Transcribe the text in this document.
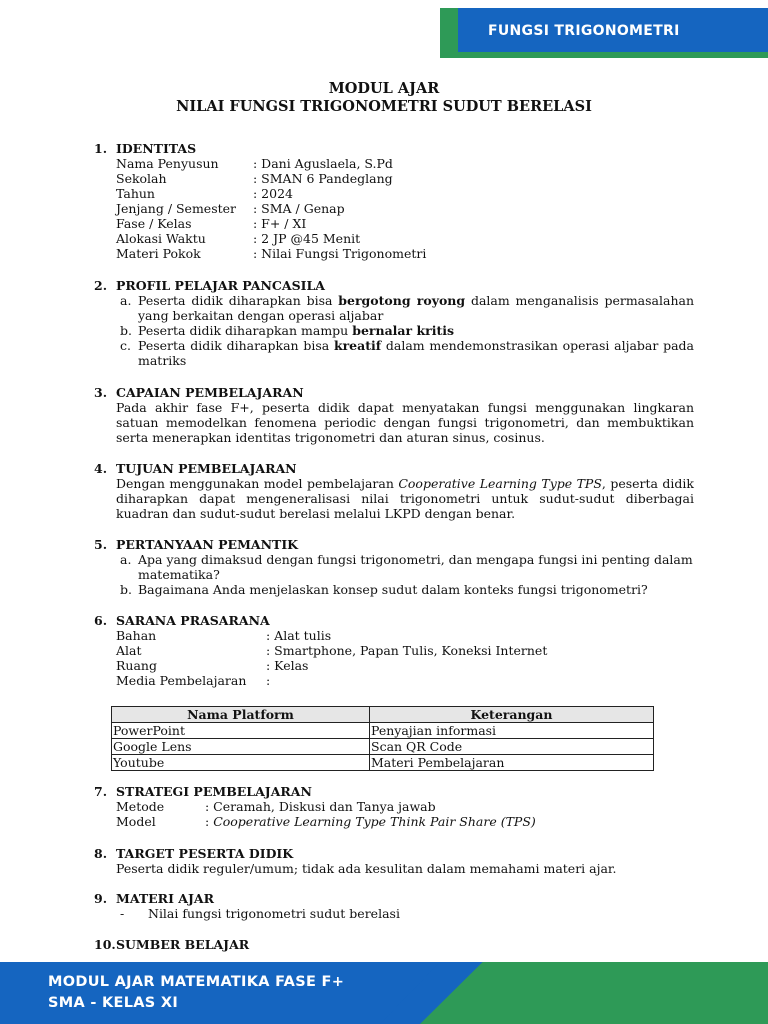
FUNGSI TRIGONOMETRI
MODUL AJAR
NILAI FUNGSI TRIGONOMETRI SUDUT BERELASI
1. IDENTITAS
Nama Penyusun	: Dani Aguslaela, S.Pd
Sekolah	: SMAN 6 Pandeglang
Tahun	: 2024
Jenjang / Semester : SMA / Genap
Fase / Kelas	: F+ / XI
Alokasi Waktu	: 2 JP @45 Menit
Materi Pokok	: Nilai Fungsi Trigonometri
2. PROFIL PELAJAR PANCASILA
a. Peserta didik diharapkan bisa bergotong royong dalam menganalisis permasalahan yang berkaitan dengan operasi aljabar
b. Peserta didik diharapkan mampu bernalar kritis
c. Peserta didik diharapkan bisa kreatif dalam mendemonstrasikan operasi aljabar pada matriks
3. CAPAIAN PEMBELAJARAN
Pada akhir fase F+, peserta didik dapat menyatakan fungsi menggunakan lingkaran satuan memodelkan fenomena periodic dengan fungsi trigonometri, dan membuktikan serta menerapkan identitas trigonometri dan aturan sinus, cosinus.
4. TUJUAN PEMBELAJARAN
Dengan menggunakan model pembelajaran Cooperative Learning Type TPS, peserta didik diharapkan dapat mengeneralisasi nilai trigonometri untuk sudut-sudut diberbagai kuadran dan sudut-sudut berelasi melalui LKPD dengan benar.
5. PERTANYAAN PEMANTIK
a. Apa yang dimaksud dengan fungsi trigonometri, dan mengapa fungsi ini penting dalam matematika?
b. Bagaimana Anda menjelaskan konsep sudut dalam konteks fungsi trigonometri?
6. SARANA PRASARANA
Bahan	: Alat tulis
Alat	: Smartphone, Papan Tulis, Koneksi Internet
Ruang	: Kelas
Media Pembelajaran :
Nama Platform	Keterangan
PowerPoint	Penyajian informasi
Google Lens	Scan QR Code
Youtube	Materi Pembelajaran
7. STRATEGI PEMBELAJARAN
Metode	: Ceramah, Diskusi dan Tanya jawab
Model	: Cooperative Learning Type Think Pair Share (TPS)
8. TARGET PESERTA DIDIK
Peserta didik reguler/umum; tidak ada kesulitan dalam memahami materi ajar.
9. MATERI AJAR
-	Nilai fungsi trigonometri sudut berelasi
10.SUMBER BELAJAR
MODUL AJAR MATEMATIKA FASE F+
SMA - KELAS XI
